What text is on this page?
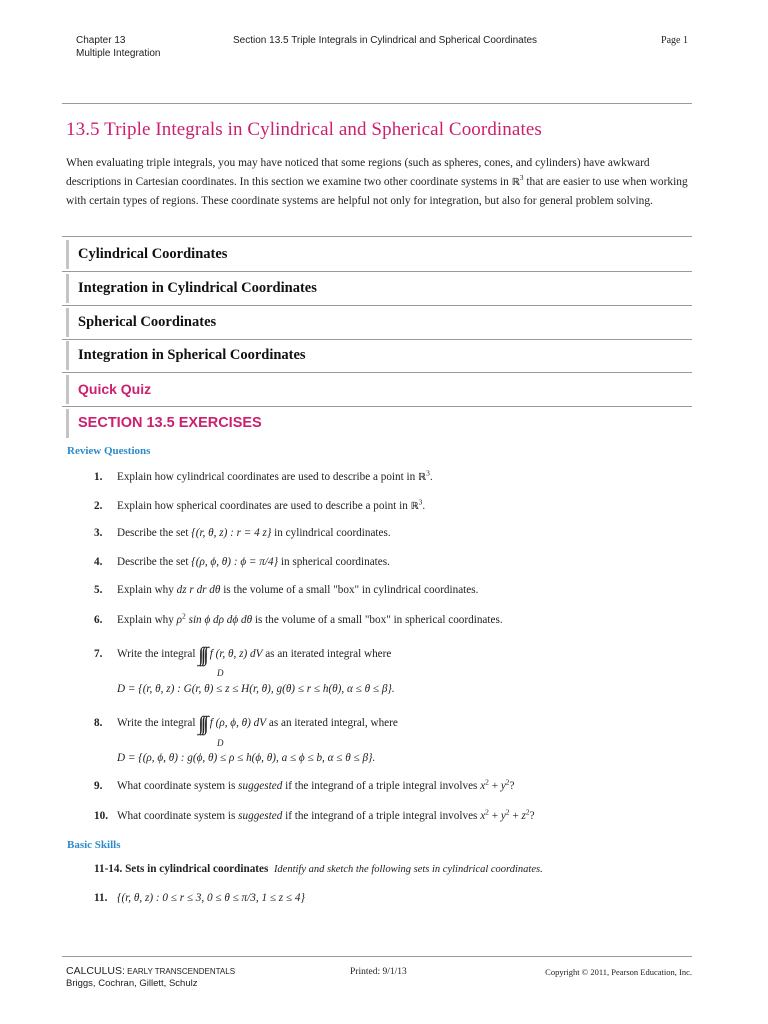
Chapter 13
Multiple Integration
Section 13.5 Triple Integrals in Cylindrical and Spherical Coordinates	Page 1
13.5 Triple Integrals in Cylindrical and Spherical Coordinates
When evaluating triple integrals, you may have noticed that some regions (such as spheres, cones, and cylinders) have awkward descriptions in Cartesian coordinates. In this section we examine two other coordinate systems in ℝ$^3$ that are easier to use when working with certain types of regions. These coordinate systems are helpful not only for integration, but also for general problem solving.
Cylindrical Coordinates
Integration in Cylindrical Coordinates
Spherical Coordinates
Integration in Spherical Coordinates
Quick Quiz
SECTION 13.5 EXERCISES
Review Questions
1. Explain how cylindrical coordinates are used to describe a point in ℝ$^3$.
2. Explain how spherical coordinates are used to describe a point in ℝ$^3$.
3. Describe the set {(r, θ, z) : r = 4 z} in cylindrical coordinates.
4. Describe the set {(ρ, ϕ, θ) : ϕ = π/4} in spherical coordinates.
5. Explain why dz r dr dθ is the volume of a small "box" in cylindrical coordinates.
6. Explain why $\rho^2$ sin ϕ dρ dϕ dθ is the volume of a small "box" in spherical coordinates.
7. Write the integral ∫∫∫ f (r, θ, z) dV as an iterated integral where
D
D = {(r, θ, z) : G(r, θ) ≤ z ≤ H(r, θ), g(θ) ≤ r ≤ h(θ), α ≤ θ ≤ β}.
8. Write the integral ∫∫∫ f (ρ, ϕ, θ) dV as an iterated integral, where
D
D = {(ρ, ϕ, θ) : g(ϕ, θ) ≤ ρ ≤ h(ϕ, θ), a ≤ ϕ ≤ b, α ≤ θ ≤ β}.
9. What coordinate system is suggested if the integrand of a triple integral involves $x^2 + y^2$?
10. What coordinate system is suggested if the integrand of a triple integral involves $x^2 + y^2 + z^2$?
Basic Skills
11-14. Sets in cylindrical coordinates Identify and sketch the following sets in cylindrical coordinates.
11. {(r, θ, z) : 0 ≤ r ≤ 3, 0 ≤ θ ≤ π/3, 1 ≤ z ≤ 4}
CALCULUS: EARLY TRANSCENDENTALS
Briggs, Cochran, Gillett, Schulz
Printed: 9/1/13	Copyright © 2011, Pearson Education, Inc.
